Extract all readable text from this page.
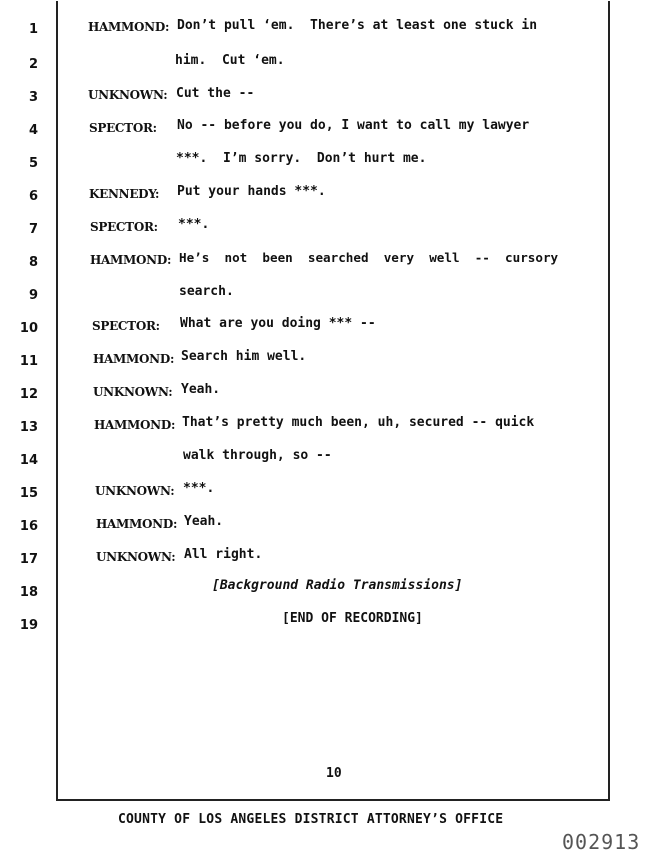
1
2
3
4
5
6
7
8
9
10
11
12
13
14
15
16
17
18
19
HAMMOND:
UNKNOWN:
SPECTOR:
KENNEDY:
SPECTOR:
HAMMOND:
SPECTOR:
HAMMOND:
UNKNOWN:
HAMMOND:
UNKNOWN:
HAMMOND:
UNKNOWN:
Don’t pull ‘em.  There’s at least one stuck in
him.  Cut ‘em.
Cut the --
No -- before you do, I want to call my lawyer
***.  I’m sorry.  Don’t hurt me.
Put your hands ***.
***.
He’s  not  been  searched  very  well  --  cursory
search.
What are you doing *** --
Search him well.
Yeah.
That’s pretty much been, uh, secured -- quick
walk through, so --
***.
Yeah.
All right.
[Background Radio Transmissions]
[END OF RECORDING]
10
COUNTY OF LOS ANGELES DISTRICT ATTORNEY’S OFFICE
002913
